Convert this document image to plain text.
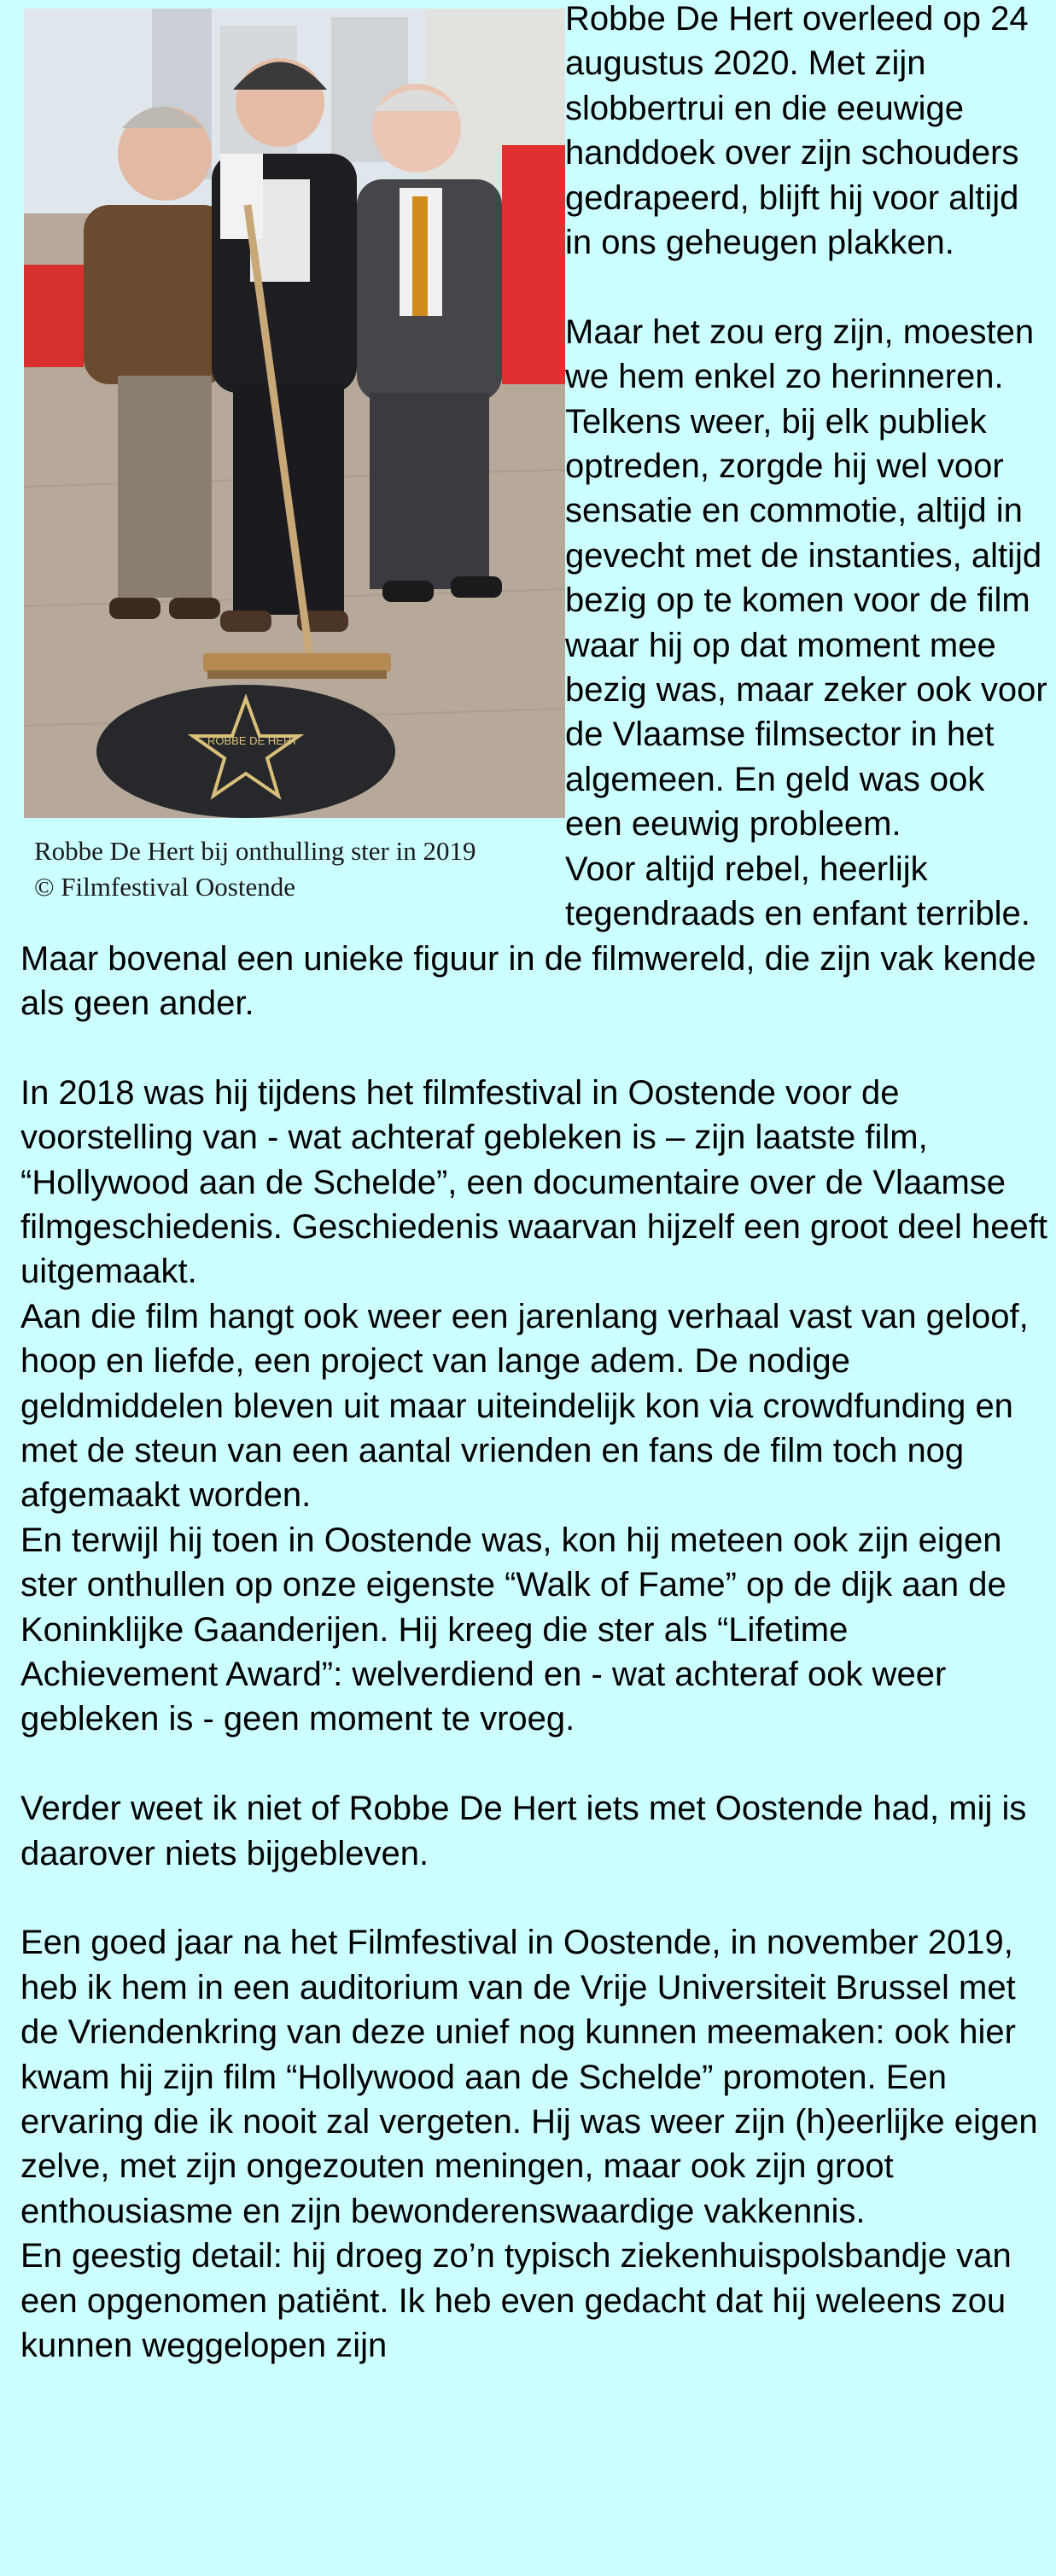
ROBBE DE HERT
Robbe De Hert bij onthulling ster in 2019
© Filmfestival Oostende

Robbe De Hert overleed op 24 augustus 2020. Met zijn slobbertrui en die eeuwige handdoek over zijn schouders gedrapeerd, blijft hij voor altijd in ons geheugen plakken.

Maar het zou erg zijn, moesten we hem enkel zo herinneren. Telkens weer, bij elk publiek optreden, zorgde hij wel voor sensatie en commotie, altijd in gevecht met de instanties, altijd bezig op te komen voor de film waar hij op dat moment mee bezig was, maar zeker ook voor de Vlaamse filmsector in het algemeen. En geld was ook een eeuwig probleem.

Voor altijd rebel, heerlijk tegendraads en enfant terrible. Maar bovenal een unieke figuur in de filmwereld, die zijn vak kende als geen ander.

In 2018 was hij tijdens het filmfestival in Oostende voor de voorstelling van - wat achteraf gebleken is – zijn laatste film, “Hollywood aan de Schelde”, een documentaire over de Vlaamse filmgeschiedenis. Geschiedenis waarvan hijzelf een groot deel heeft uitgemaakt.

Aan die film hangt ook weer een jarenlang verhaal vast van geloof, hoop en liefde, een project van lange adem. De nodige geldmiddelen bleven uit maar uiteindelijk kon via crowdfunding en met de steun van een aantal vrienden en fans de film toch nog afgemaakt worden.

En terwijl hij toen in Oostende was, kon hij meteen ook zijn eigen ster onthullen op onze eigenste “Walk of Fame” op de dijk aan de Koninklijke Gaanderijen. Hij kreeg die ster als “Lifetime Achievement Award”: welverdiend en - wat achteraf ook weer gebleken is - geen moment te vroeg.

Verder weet ik niet of Robbe De Hert iets met Oostende had, mij is daarover niets bijgebleven.

Een goed jaar na het Filmfestival in Oostende, in november 2019, heb ik hem in een auditorium van de Vrije Universiteit Brussel met de Vriendenkring van deze unief nog kunnen meemaken: ook hier kwam hij zijn film “Hollywood aan de Schelde” promoten. Een ervaring die ik nooit zal vergeten. Hij was weer zijn (h)eerlijke eigen zelve, met zijn ongezouten meningen, maar ook zijn groot enthousiasme en zijn bewonderenswaardige vakkennis.

En geestig detail: hij droeg zo’n typisch ziekenhuispolsbandje van een opgenomen patiënt. Ik heb even gedacht dat hij weleens zou kunnen weggelopen zijn
